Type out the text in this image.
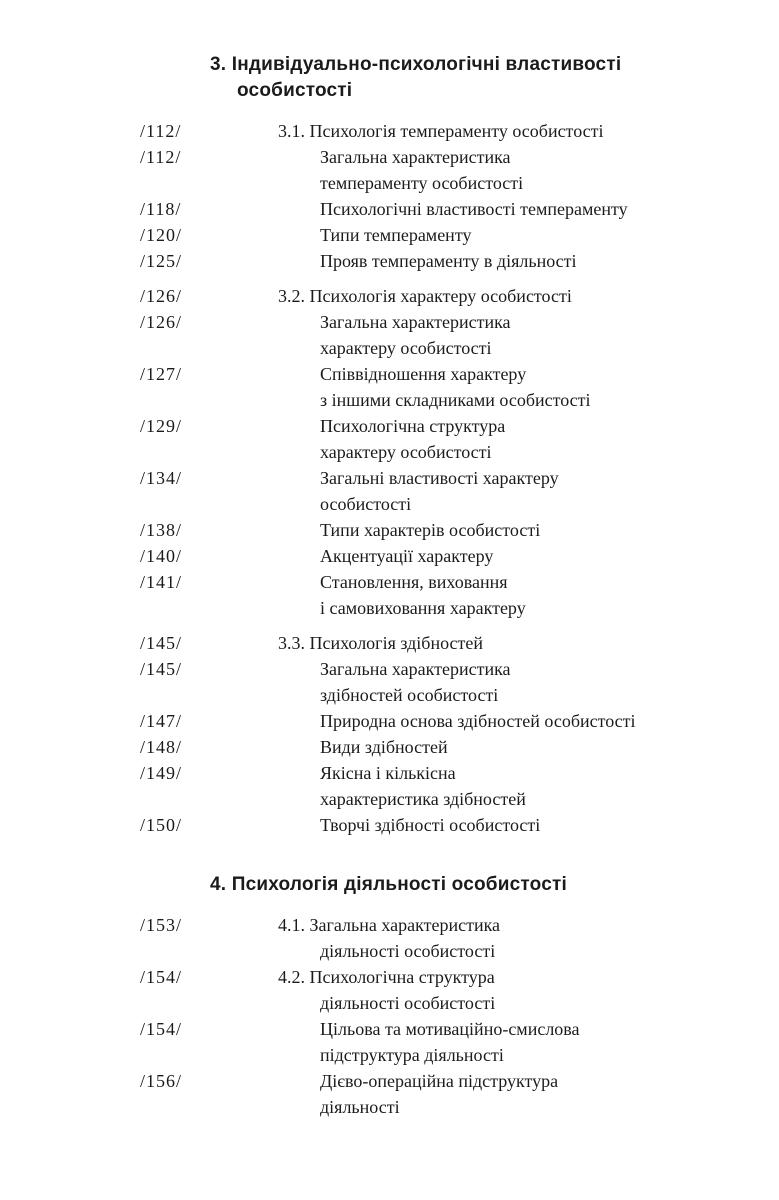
3. Індивідуально-психологічні властивості
особистості
/112/	3.1. Психологія темпераменту особистості
/112/	Загальна характеристика
темпераменту особистості
/118/	Психологічні властивості темпераменту
/120/	Типи темпераменту
/125/	Прояв темпераменту в діяльності
/126/	3.2. Психологія характеру особистості
/126/	Загальна характеристика
характеру особистості
/127/	Співвідношення характеру
з іншими складниками особистості
/129/	Психологічна структура
характеру особистості
/134/	Загальні властивості характеру
особистості
/138/	Типи характерів особистості
/140/	Акцентуації характеру
/141/	Становлення, виховання
і самовиховання характеру
/145/	3.3. Психологія здібностей
/145/	Загальна характеристика
здібностей особистості
/147/	Природна основа здібностей особистості
/148/	Види здібностей
/149/	Якісна і кількісна
характеристика здібностей
/150/	Творчі здібності особистості
4. Психологія діяльності особистості
/153/	4.1. Загальна характеристика
діяльності особистості
/154/	4.2. Психологічна структура
діяльності особистості
/154/	Цільова та мотиваційно-смислова
підструктура діяльності
/156/	Дієво-операційна підструктура
діяльності
